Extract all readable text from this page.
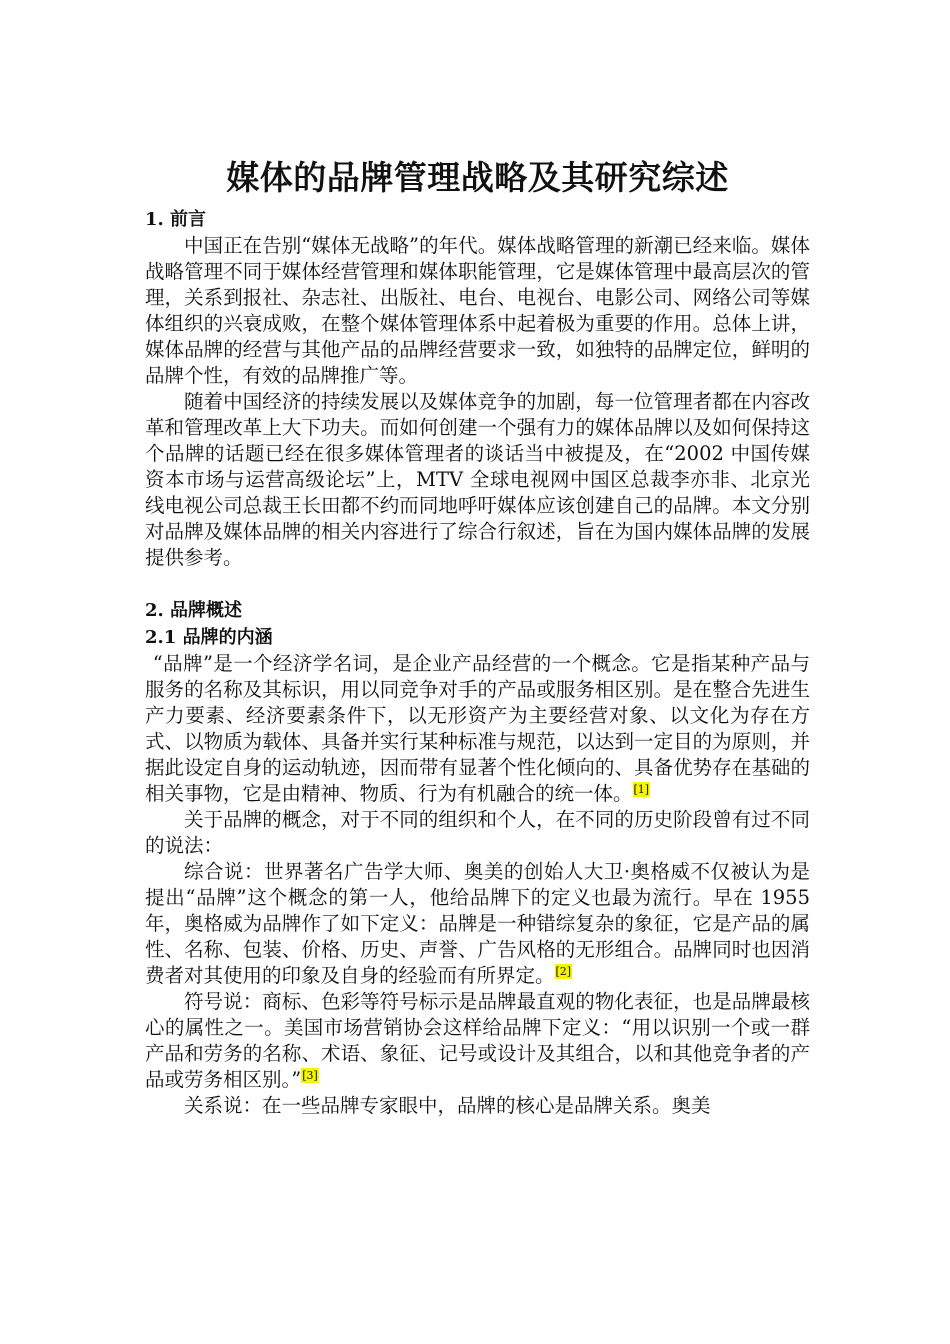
媒体的品牌管理战略及其研究综述
1. 前言

中国正在告别“媒体无战略”的年代。媒体战略管理的新潮已经来临。媒体战略管理不同于媒体经营管理和媒体职能管理，它是媒体管理中最高层次的管理，关系到报社、杂志社、出版社、电台、电视台、电影公司、网络公司等媒体组织的兴衰成败，在整个媒体管理体系中起着极为重要的作用。总体上讲，媒体品牌的经营与其他产品的品牌经营要求一致，如独特的品牌定位，鲜明的品牌个性，有效的品牌推广等。

随着中国经济的持续发展以及媒体竞争的加剧，每一位管理者都在内容改革和管理改革上大下功夫。而如何创建一个强有力的媒体品牌以及如何保持这个品牌的话题已经在很多媒体管理者的谈话当中被提及，在“2002 中国传媒资本市场与运营高级论坛”上，MTV 全球电视网中国区总裁李亦非、北京光线电视公司总裁王长田都不约而同地呼吁媒体应该创建自己的品牌。本文分别对品牌及媒体品牌的相关内容进行了综合行叙述，旨在为国内媒体品牌的发展提供参考。

2. 品牌概述
2.1 品牌的内涵

“品牌”是一个经济学名词，是企业产品经营的一个概念。它是指某种产品与服务的名称及其标识，用以同竞争对手的产品或服务相区别。是在整合先进生产力要素、经济要素条件下，以无形资产为主要经营对象、以文化为存在方式、以物质为载体、具备并实行某种标准与规范，以达到一定目的为原则，并据此设定自身的运动轨迹，因而带有显著个性化倾向的、具备优势存在基础的相关事物，它是由精神、物质、行为有机融合的统一体。[1]

关于品牌的概念，对于不同的组织和个人，在不同的历史阶段曾有过不同的说法：

综合说：世界著名广告学大师、奥美的创始人大卫·奥格威不仅被认为是提出“品牌”这个概念的第一人，他给品牌下的定义也最为流行。早在 1955 年，奥格威为品牌作了如下定义：品牌是一种错综复杂的象征，它是产品的属性、名称、包装、价格、历史、声誉、广告风格的无形组合。品牌同时也因消费者对其使用的印象及自身的经验而有所界定。[2]

符号说：商标、色彩等符号标示是品牌最直观的物化表征，也是品牌最核心的属性之一。美国市场营销协会这样给品牌下定义：“用以识别一个或一群产品和劳务的名称、术语、象征、记号或设计及其组合，以和其他竞争者的产品或劳务相区别。”[3]

关系说：在一些品牌专家眼中，品牌的核心是品牌关系。奥美
